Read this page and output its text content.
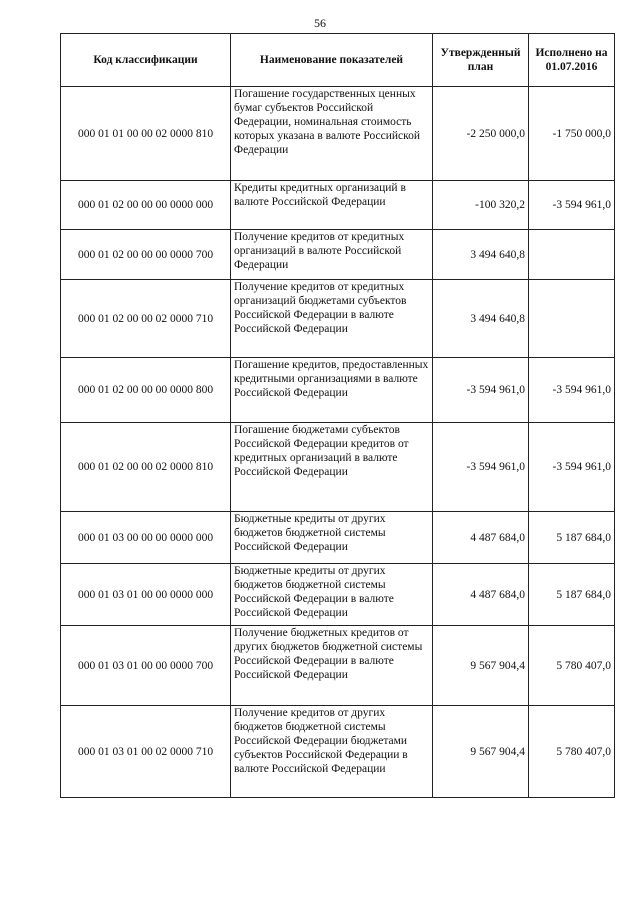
56
Код классификации	Наименование показателей	Утвержденный план	Исполнено на 01.07.2016
000 01 01 00 00 02 0000 810	Погашение государственных ценных бумаг субъектов Российской Федерации, номинальная стоимость которых указана в валюте Российской Федерации	-2 250 000,0	-1 750 000,0
000 01 02 00 00 00 0000 000	Кредиты кредитных организаций в валюте Российской Федерации	-100 320,2	-3 594 961,0
000 01 02 00 00 00 0000 700	Получение кредитов от кредитных организаций в валюте Российской Федерации	3 494 640,8	
000 01 02 00 00 02 0000 710	Получение кредитов от кредитных организаций бюджетами субъектов Российской Федерации в валюте Российской Федерации	3 494 640,8	
000 01 02 00 00 00 0000 800	Погашение кредитов, предоставленных кредитными организациями в валюте Российской Федерации	-3 594 961,0	-3 594 961,0
000 01 02 00 00 02 0000 810	Погашение бюджетами субъектов Российской Федерации кредитов от кредитных организаций в валюте Российской Федерации	-3 594 961,0	-3 594 961,0
000 01 03 00 00 00 0000 000	Бюджетные кредиты от других бюджетов бюджетной системы Российской Федерации	4 487 684,0	5 187 684,0
000 01 03 01 00 00 0000 000	Бюджетные кредиты от других бюджетов бюджетной системы Российской Федерации в валюте Российской Федерации	4 487 684,0	5 187 684,0
000 01 03 01 00 00 0000 700	Получение бюджетных кредитов от других бюджетов бюджетной системы Российской Федерации в валюте Российской Федерации	9 567 904,4	5 780 407,0
000 01 03 01 00 02 0000 710	Получение кредитов от других бюджетов бюджетной системы Российской Федерации бюджетами субъектов Российской Федерации в валюте Российской Федерации	9 567 904,4	5 780 407,0
